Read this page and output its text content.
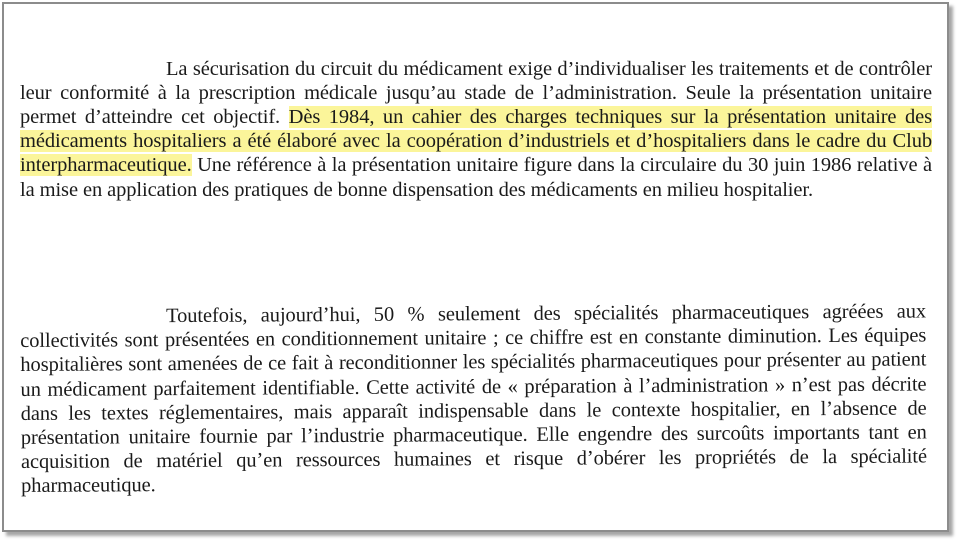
La sécurisation du circuit du médicament exige d’individualiser les traitements et de contrôler leur conformité à la prescription médicale jusqu’au stade de l’administration. Seule la présentation unitaire permet d’atteindre cet objectif. Dès 1984, un cahier des charges techniques sur la présentation unitaire des médicaments hospitaliers a été élaboré avec la coopération d’industriels et d’hospitaliers dans le cadre du Club interpharmaceutique. Une référence à la présentation unitaire figure dans la circulaire du 30 juin 1986 relative à la mise en application des pratiques de bonne dispensation des médicaments en milieu hospitalier.

Toutefois, aujourd’hui, 50 % seulement des spécialités pharmaceutiques agréées aux collectivités sont présentées en conditionnement unitaire ; ce chiffre est en constante diminution. Les équipes hospitalières sont amenées de ce fait à reconditionner les spécialités pharmaceutiques pour présenter au patient un médicament parfaitement identifiable. Cette activité de « préparation à l’administration » n’est pas décrite dans les textes réglementaires, mais apparaît indispensable dans le contexte hospitalier, en l’absence de présentation unitaire fournie par l’industrie pharmaceutique. Elle engendre des surcoûts importants tant en acquisition de matériel qu’en ressources humaines et risque d’obérer les propriétés de la spécialité pharmaceutique.
